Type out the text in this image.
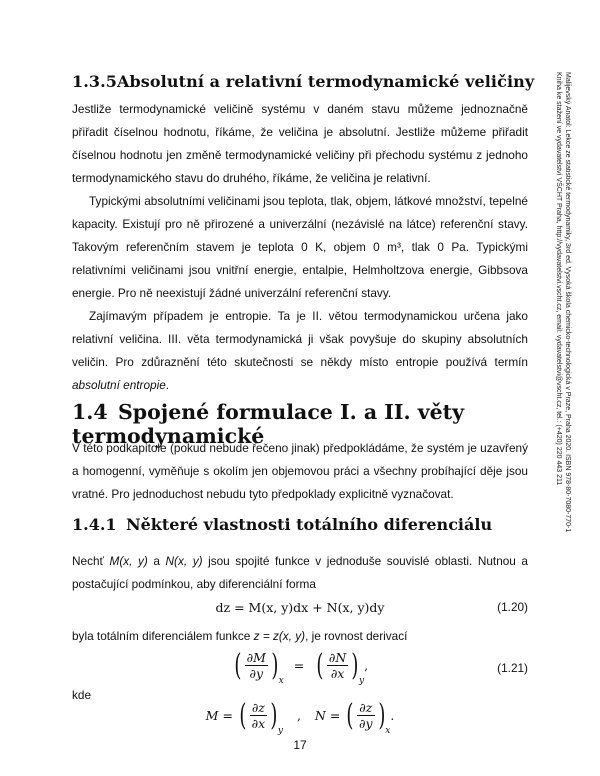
1.3.5Absolutní a relativní termodynamické veličiny

Jestliže termodynamické veličině systému v daném stavu můžeme jednoznačně přiřadit číselnou hodnotu, říkáme, že veličina je absolutní. Jestliže můžeme přiřadit číselnou hodnotu jen změně termodynamické veličiny při přechodu systému z jednoho termodynamického stavu do druhého, říkáme, že veličina je relativní.

Typickými absolutními veličinami jsou teplota, tlak, objem, látkové množství, tepelné kapacity. Existují pro ně přirozené a univerzální (nezávislé na látce) referenční stavy. Takovým referenčním stavem je teplota 0 K, objem 0 m³, tlak 0 Pa. Typickými relativními veličinami jsou vnitřní energie, entalpie, Helmholtzova energie, Gibbsova energie. Pro ně neexistují žádné univerzální referenční stavy.

Zajímavým případem je entropie. Ta je II. větou termodynamickou určena jako relativní veličina. III. věta termodynamická ji však povyšuje do skupiny absolutních veličin. Pro zdůraznění této skutečnosti se někdy místo entropie používá termín absolutní entropie.

1.4 Spojené formulace I. a II. věty termodynamické

V této podkapitole (pokud nebude řečeno jinak) předpokládáme, že systém je uzavřený a homogenní, vyměňuje s okolím jen objemovou práci a všechny probíhající děje jsou vratné. Pro jednoduchost nebudu tyto předpoklady explicitně vyznačovat.

1.4.1 Některé vlastnosti totálního diferenciálu

Nechť M(x, y) a N(x, y) jsou spojité funkce v jednoduše souvislé oblasti. Nutnou a postačující podmínkou, aby diferenciální forma

dz = M(x, y)dx + N(x, y)dy	(1.20)

byla totálním diferenciálem funkce z = z(x, y), je rovnost derivací

( $\frac{\partial M}{\partial y} )_x$ = ( $\frac{\partial N}{\partial x} )_y$,	(1.21)

kde

M = ( $\frac{\partial z}{\partial x} )_y$ , N = ( $\frac{\partial z}{\partial y} )_x$.
Malijevský Anatol: Lekce ze statistické termodynamiky, 3rd ed. Vysoká škola chemicko-technologická v Praze, Praha 2020. ISBN 978-80-7080-770-1
Kniha ke stažení ve vydavatelství VŠCHT Praha, http://vydavatelstvi.vscht.cz, email: vydavatelstvi@vscht.cz, tel.: (+420) 220 443 211
17
